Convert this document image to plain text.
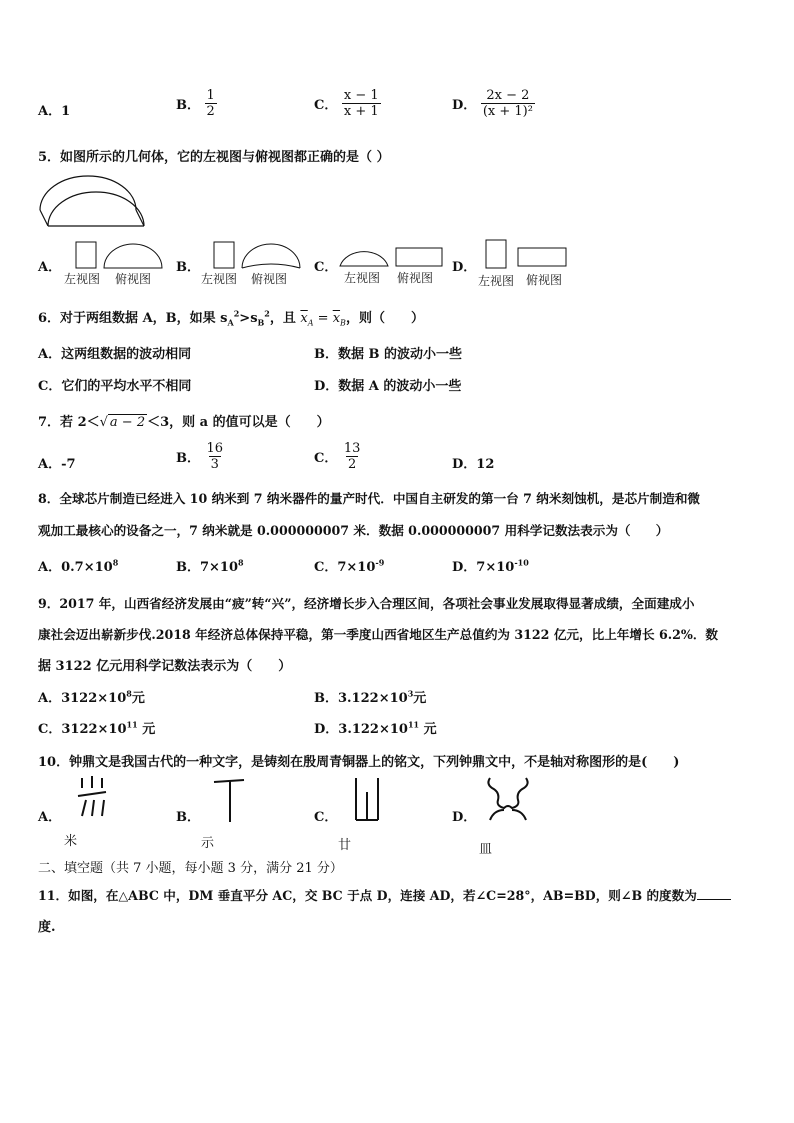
A．1	B． $\frac{1}{2}$	C． $\frac{x - 1}{x + 1}$	D． $\frac{2x - 2}{\text{(x + 1)²}}$
5．如图所示的几何体，它的左视图与俯视图都正确的是（ ）
A．
左视图 俯视图
B．
左视图 俯视图
C．
左视图 俯视图
D．
左视图 俯视图
6．对于两组数据 A，B，如果 $s_A^2>s_B^2$，且 $\overline{x}_A = \overline{x}_B$，则（　　）
A．这两组数据的波动相同	B．数据 B 的波动小一些
C．它们的平均水平不相同	D．数据 A 的波动小一些
7．若 2＜√ a − 2 ＜3，则 a 的值可以是（　　）
A．-7	B． $\frac{16}{3}$	C． $\frac{13}{2}$	D．12
8．全球芯片制造已经进入 10 纳米到 7 纳米器件的量产时代．中国自主研发的第一台 7 纳米刻蚀机，是芯片制造和微
观加工最核心的设备之一，7 纳米就是 0.000000007 米．数据 0.000000007 用科学记数法表示为（　　）
A．$0.7\times 10^8$	B．$7\times 10^8$	C．$7\times 10^{-9}$	D．$7\times 10^{-10}$
9．2017 年，山西省经济发展由“疲”转“兴”，经济增长步入合理区间，各项社会事业发展取得显著成绩，全面建成小
康社会迈出崭新步伐.2018 年经济总体保持平稳，第一季度山西省地区生产总值约为 3122 亿元，比上年增长 6.2%．数
据 3122 亿元用科学记数法表示为（　　）
A．$3122\times 10^8$元	B．$3.122\times 10^3$元
C．$3122\times 10^{11}$ 元	D．$3.122\times 10^{11}$ 元
10．钟鼎文是我国古代的一种文字，是铸刻在殷周青铜器上的铭文，下列钟鼎文中，不是轴对称图形的是(　　)
A．
米
B．
示
C．
廿
D．
皿
二、填空题（共 7 小题，每小题 3 分，满分 21 分）
11．如图，在△ABC 中，DM 垂直平分 AC，交 BC 于点 D，连接 AD，若∠C=28°，AB=BD，则∠B 的度数为
度.
